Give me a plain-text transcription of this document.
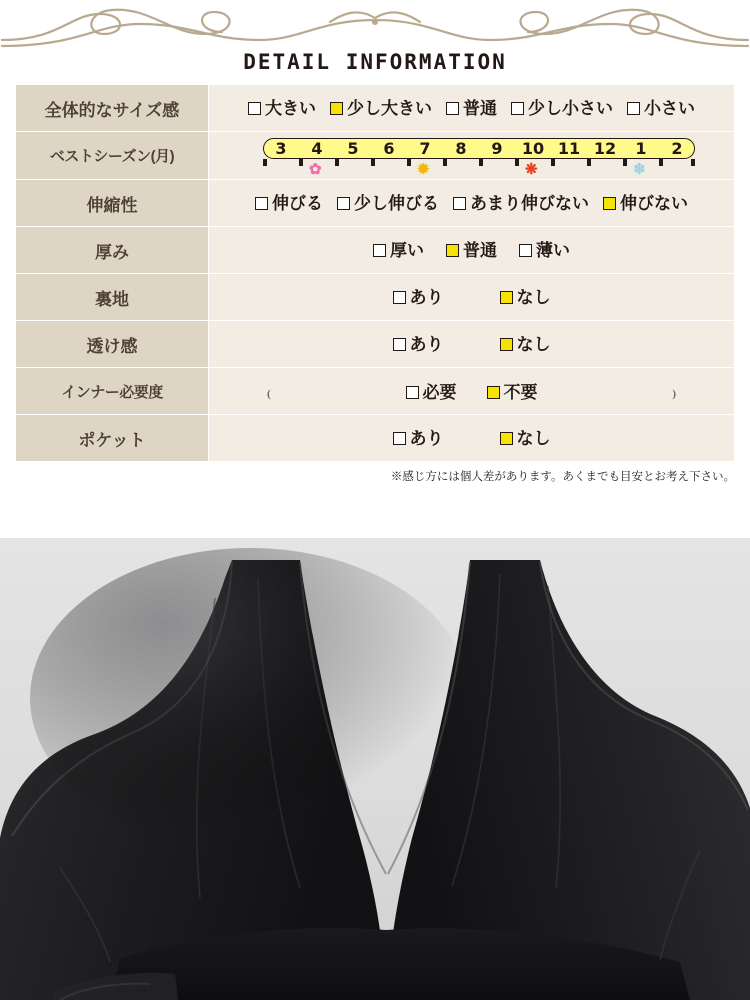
DETAIL INFORMATION
全体的なサイズ感	大きい 少し大きい 普通 少し小さい 小さい

ベストシーズン(月)	3	4	5	6	7	8	9	10 11 12	1	2
✿	✹	❋	❄

伸縮性	伸びる 少し伸びる あまり伸びない 伸びない

厚み	厚い 普通 薄い

裏地	あり なし

透け感	あり なし

インナー必要度	必要 不要
( )

ポケット	あり なし
※感じ方には個人差があります。あくまでも目安とお考え下さい。
